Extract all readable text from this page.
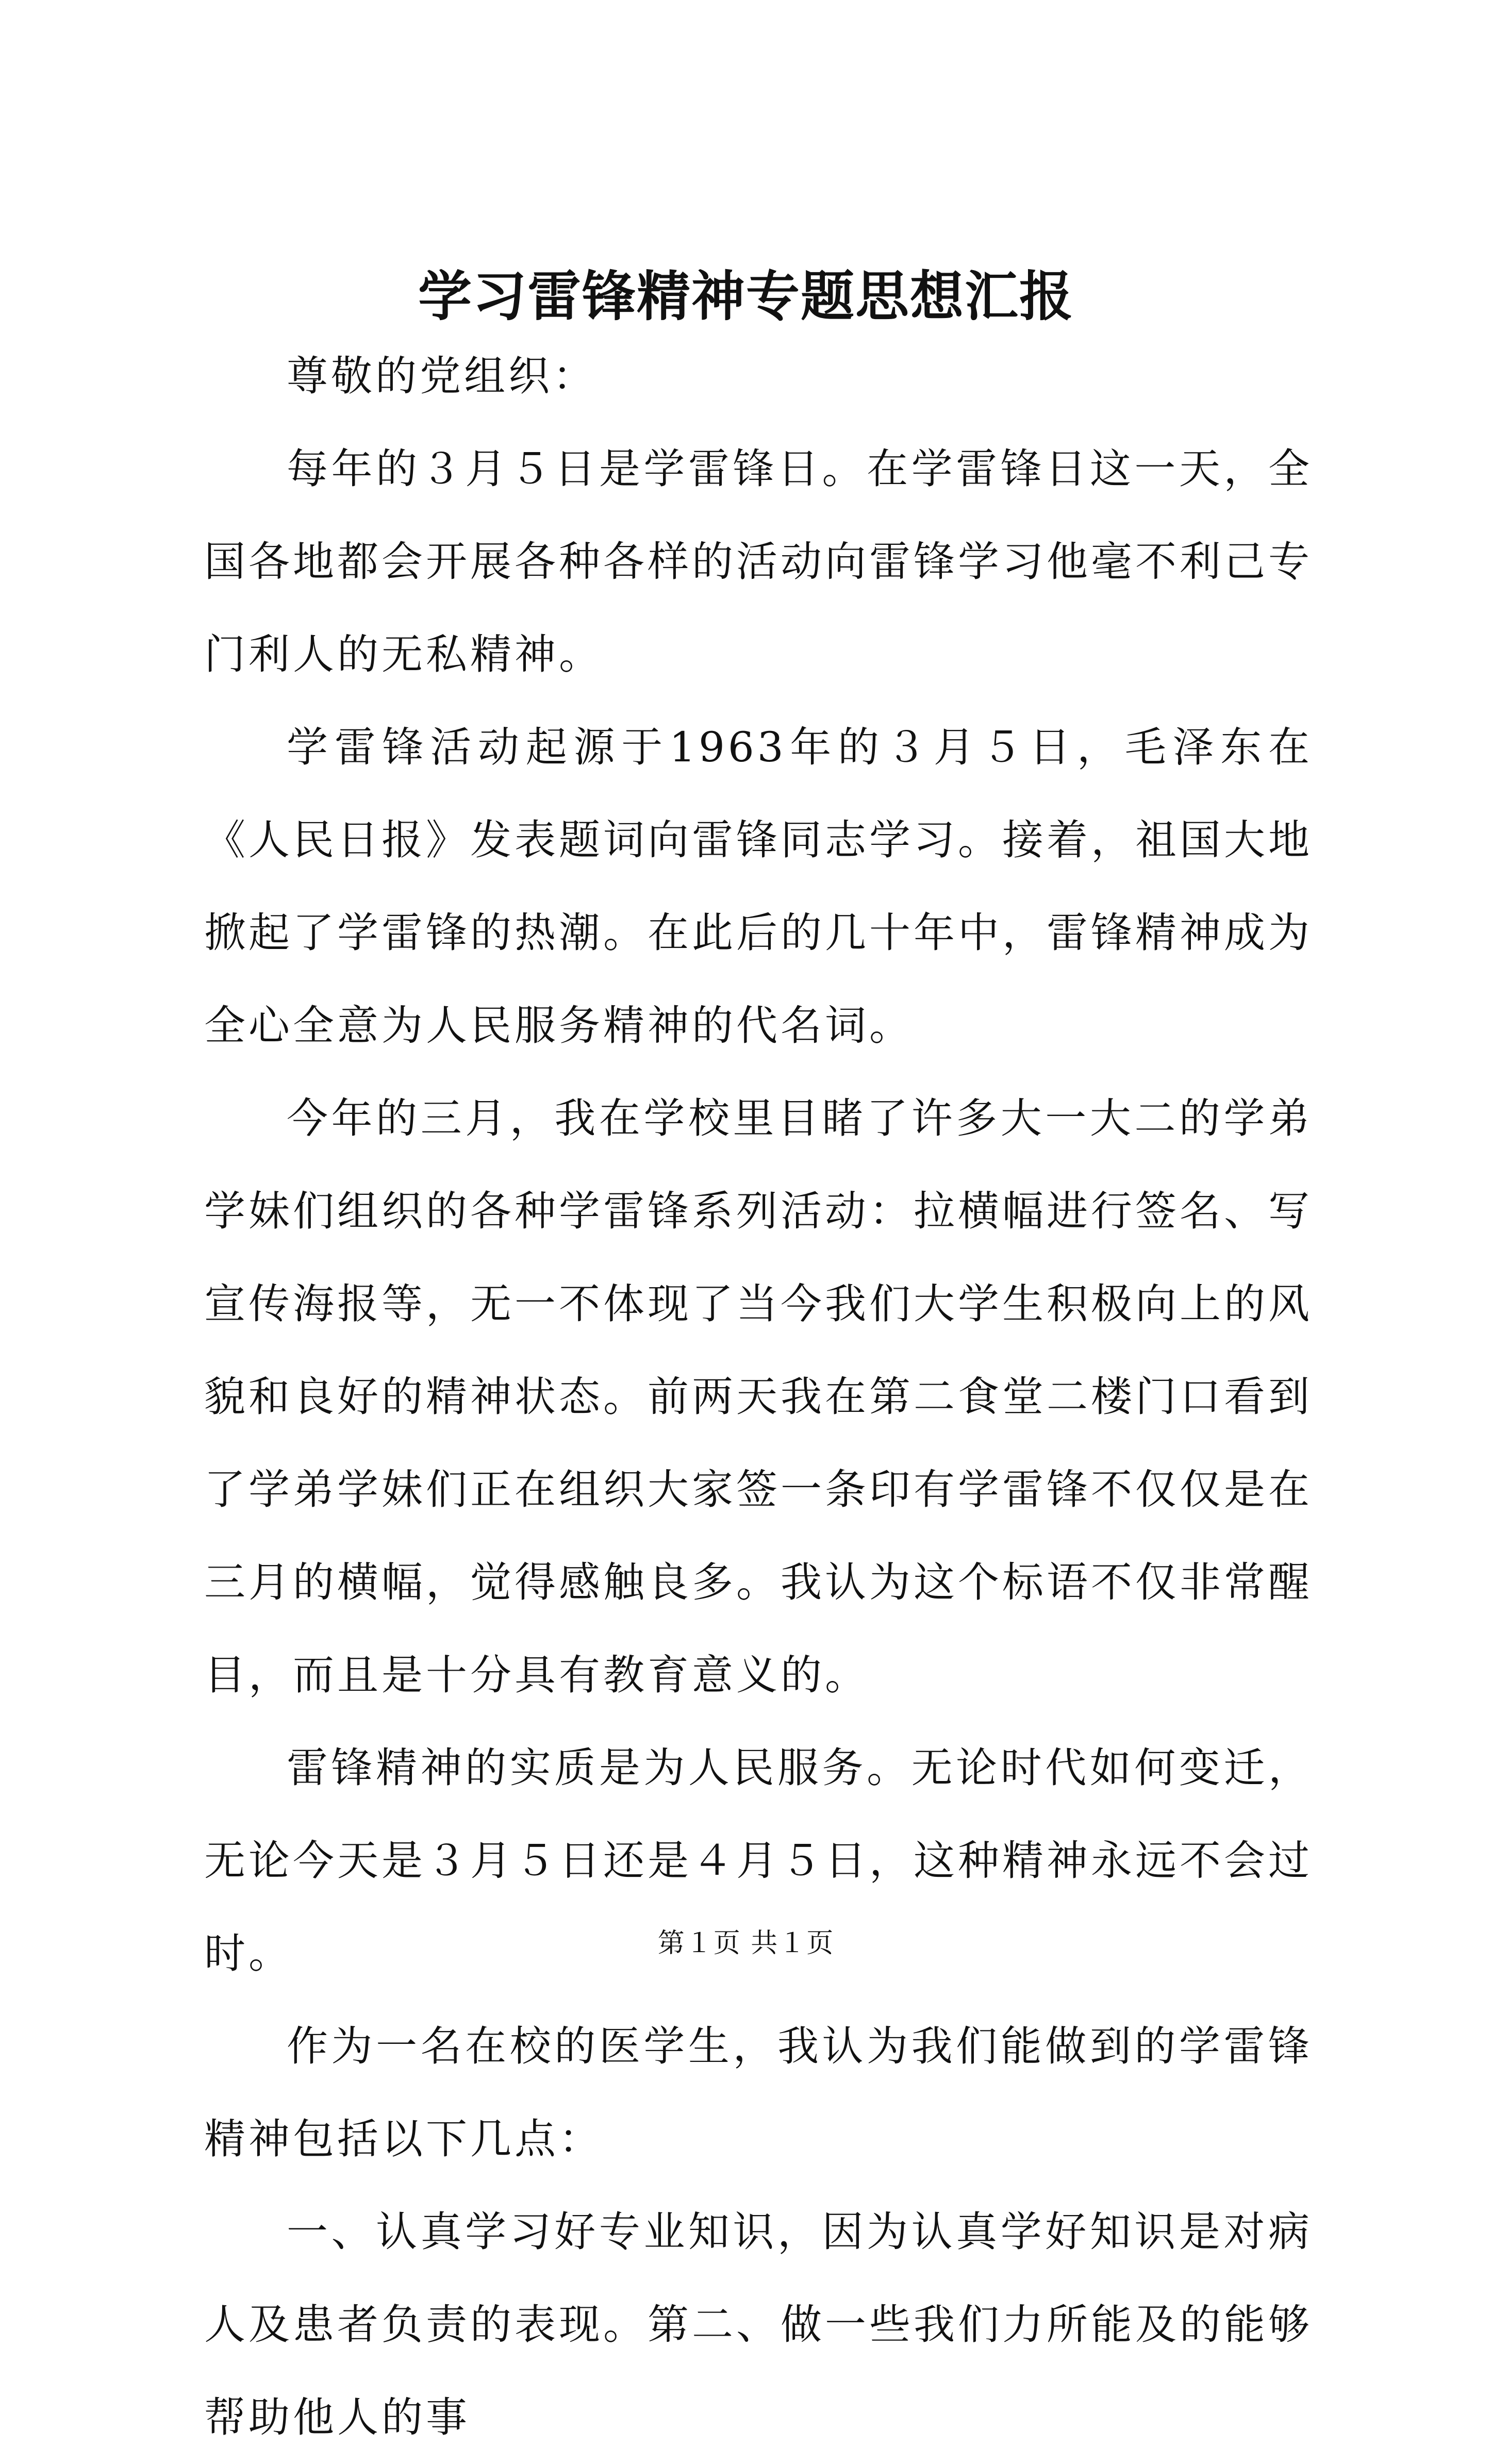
学习雷锋精神专题思想汇报

尊敬的党组织：

每年的３月５日是学雷锋日。在学雷锋日这一天，全国各地都会开展各种各样的活动向雷锋学习他毫不利己专门利人的无私精神。

学雷锋活动起源于1963年的３月５日，毛泽东在《人民日报》发表题词向雷锋同志学习。接着，祖国大地掀起了学雷锋的热潮。在此后的几十年中，雷锋精神成为全心全意为人民服务精神的代名词。

今年的三月，我在学校里目睹了许多大一大二的学弟学妹们组织的各种学雷锋系列活动：拉横幅进行签名、写宣传海报等，无一不体现了当今我们大学生积极向上的风貌和良好的精神状态。前两天我在第二食堂二楼门口看到了学弟学妹们正在组织大家签一条印有学雷锋不仅仅是在三月的横幅，觉得感触良多。我认为这个标语不仅非常醒目，而且是十分具有教育意义的。

雷锋精神的实质是为人民服务。无论时代如何变迁，无论今天是３月５日还是４月５日，这种精神永远不会过时。

作为一名在校的医学生，我认为我们能做到的学雷锋精神包括以下几点：

一、认真学习好专业知识，因为认真学好知识是对病人及患者负责的表现。第二、做一些我们力所能及的能够帮助他人的事

第１页 共１页
